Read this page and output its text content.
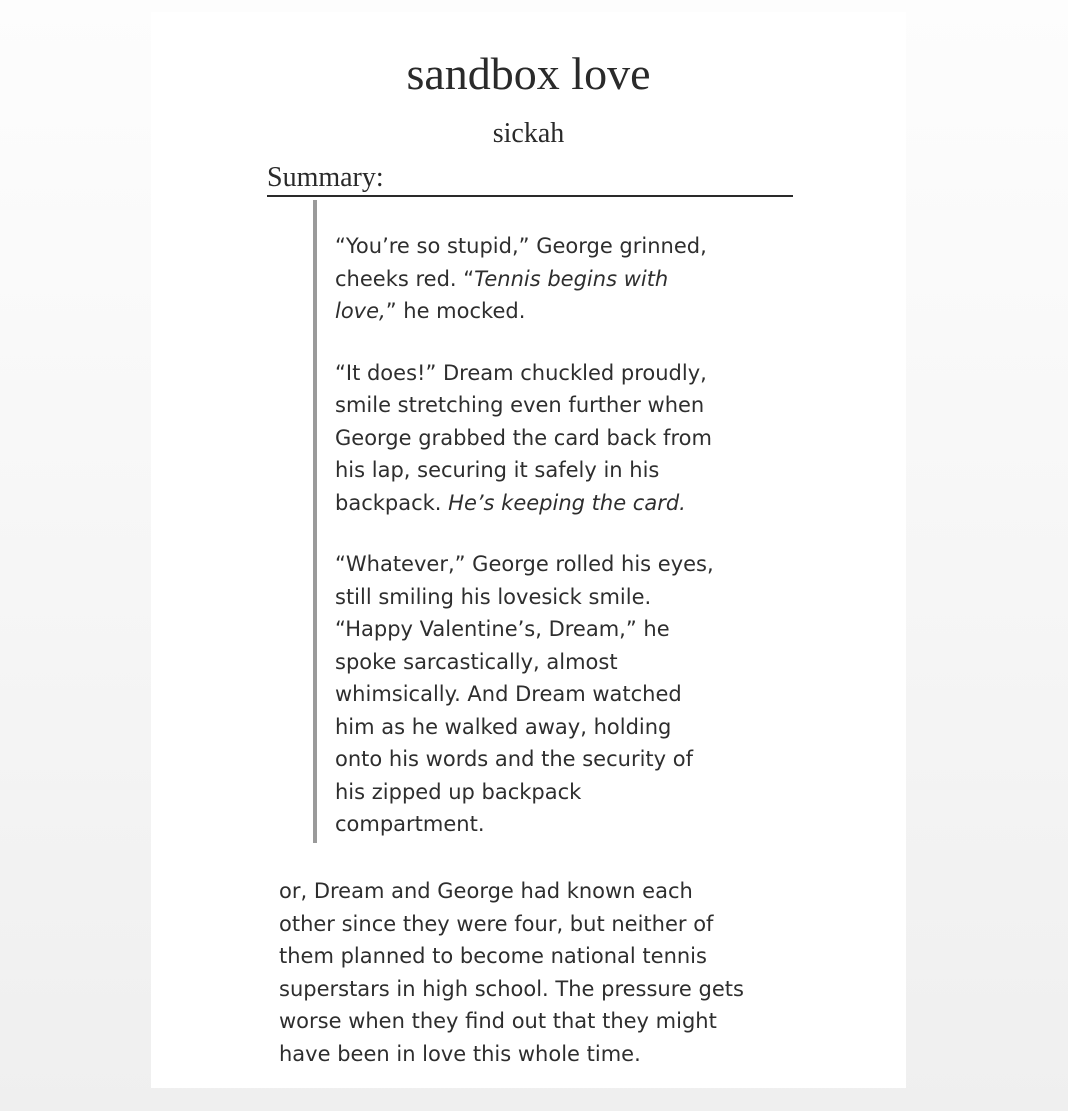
sandbox love
sickah
Summary:

“You’re so stupid,” George grinned,
cheeks red. “Tennis begins with
love,” he mocked.

“It does!” Dream chuckled proudly,
smile stretching even further when
George grabbed the card back from
his lap, securing it safely in his
backpack. He’s keeping the card.

“Whatever,” George rolled his eyes,
still smiling his lovesick smile.
“Happy Valentine’s, Dream,” he
spoke sarcastically, almost
whimsically. And Dream watched
him as he walked away, holding
onto his words and the security of
his zipped up backpack
compartment.

or, Dream and George had known each
other since they were four, but neither of
them planned to become national tennis
superstars in high school. The pressure gets
worse when they find out that they might
have been in love this whole time.
